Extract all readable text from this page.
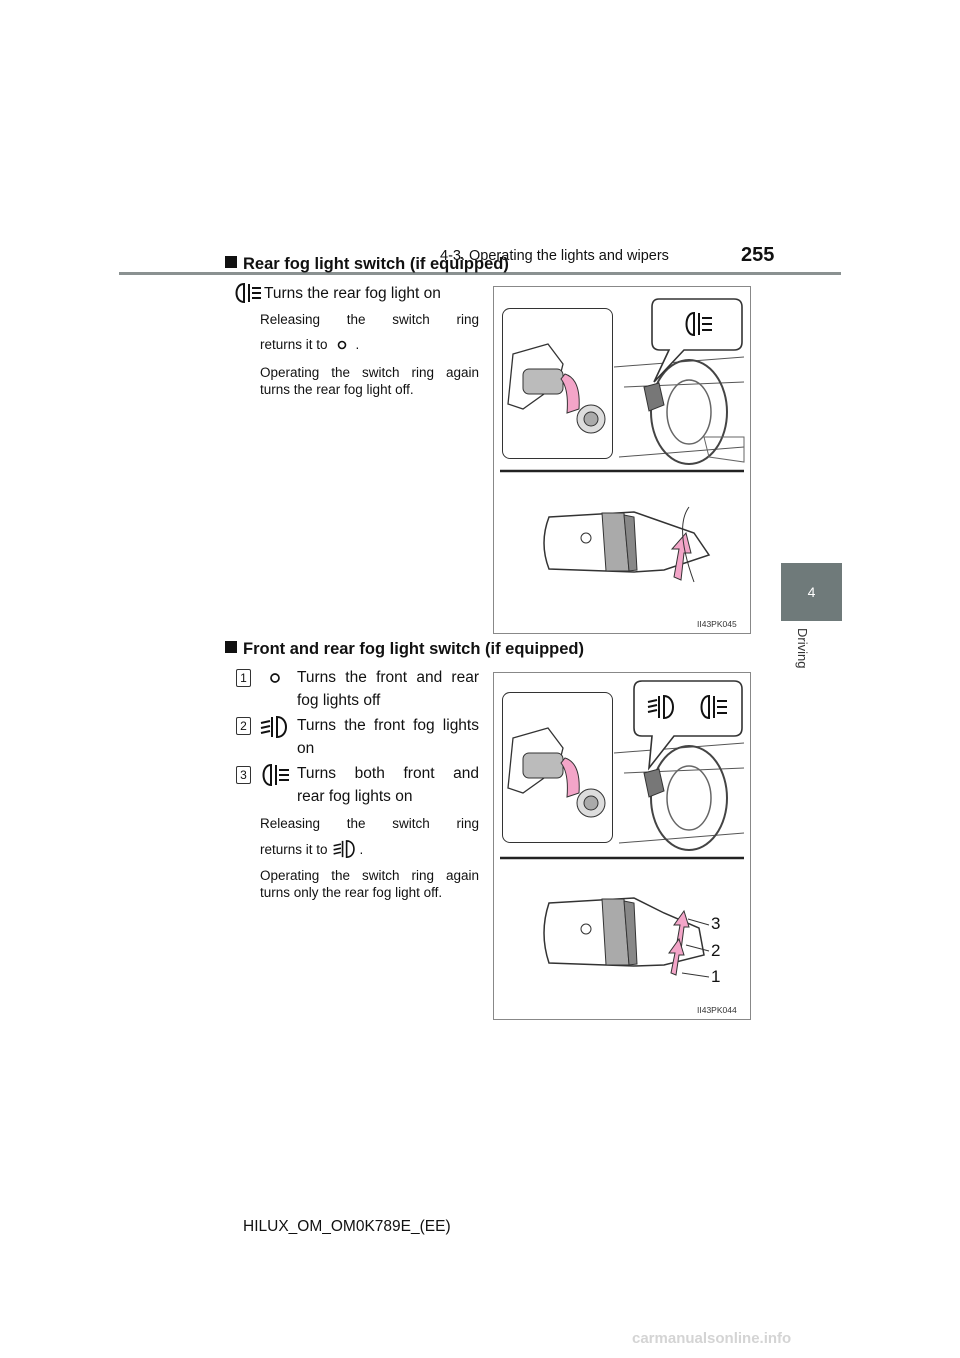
4-3. Operating the lights and wipers	255
4
Driving
Rear fog light switch (if equipped)
Turns the rear fog light on
Releasing the switch ring
returns it to .
Operating the switch ring again
turns the rear fog light off.
II43PK045
Front and rear fog light switch (if equipped)
1	Turns the front and rear
fog lights off
2	Turns the front fog lights
on
3	Turns both front and
rear fog lights on
Releasing the switch ring
returns it to .
Operating the switch ring again
turns only the rear fog light off.
3
2
1
II43PK044
HILUX_OM_OM0K789E_(EE)
carmanualsonline.info
